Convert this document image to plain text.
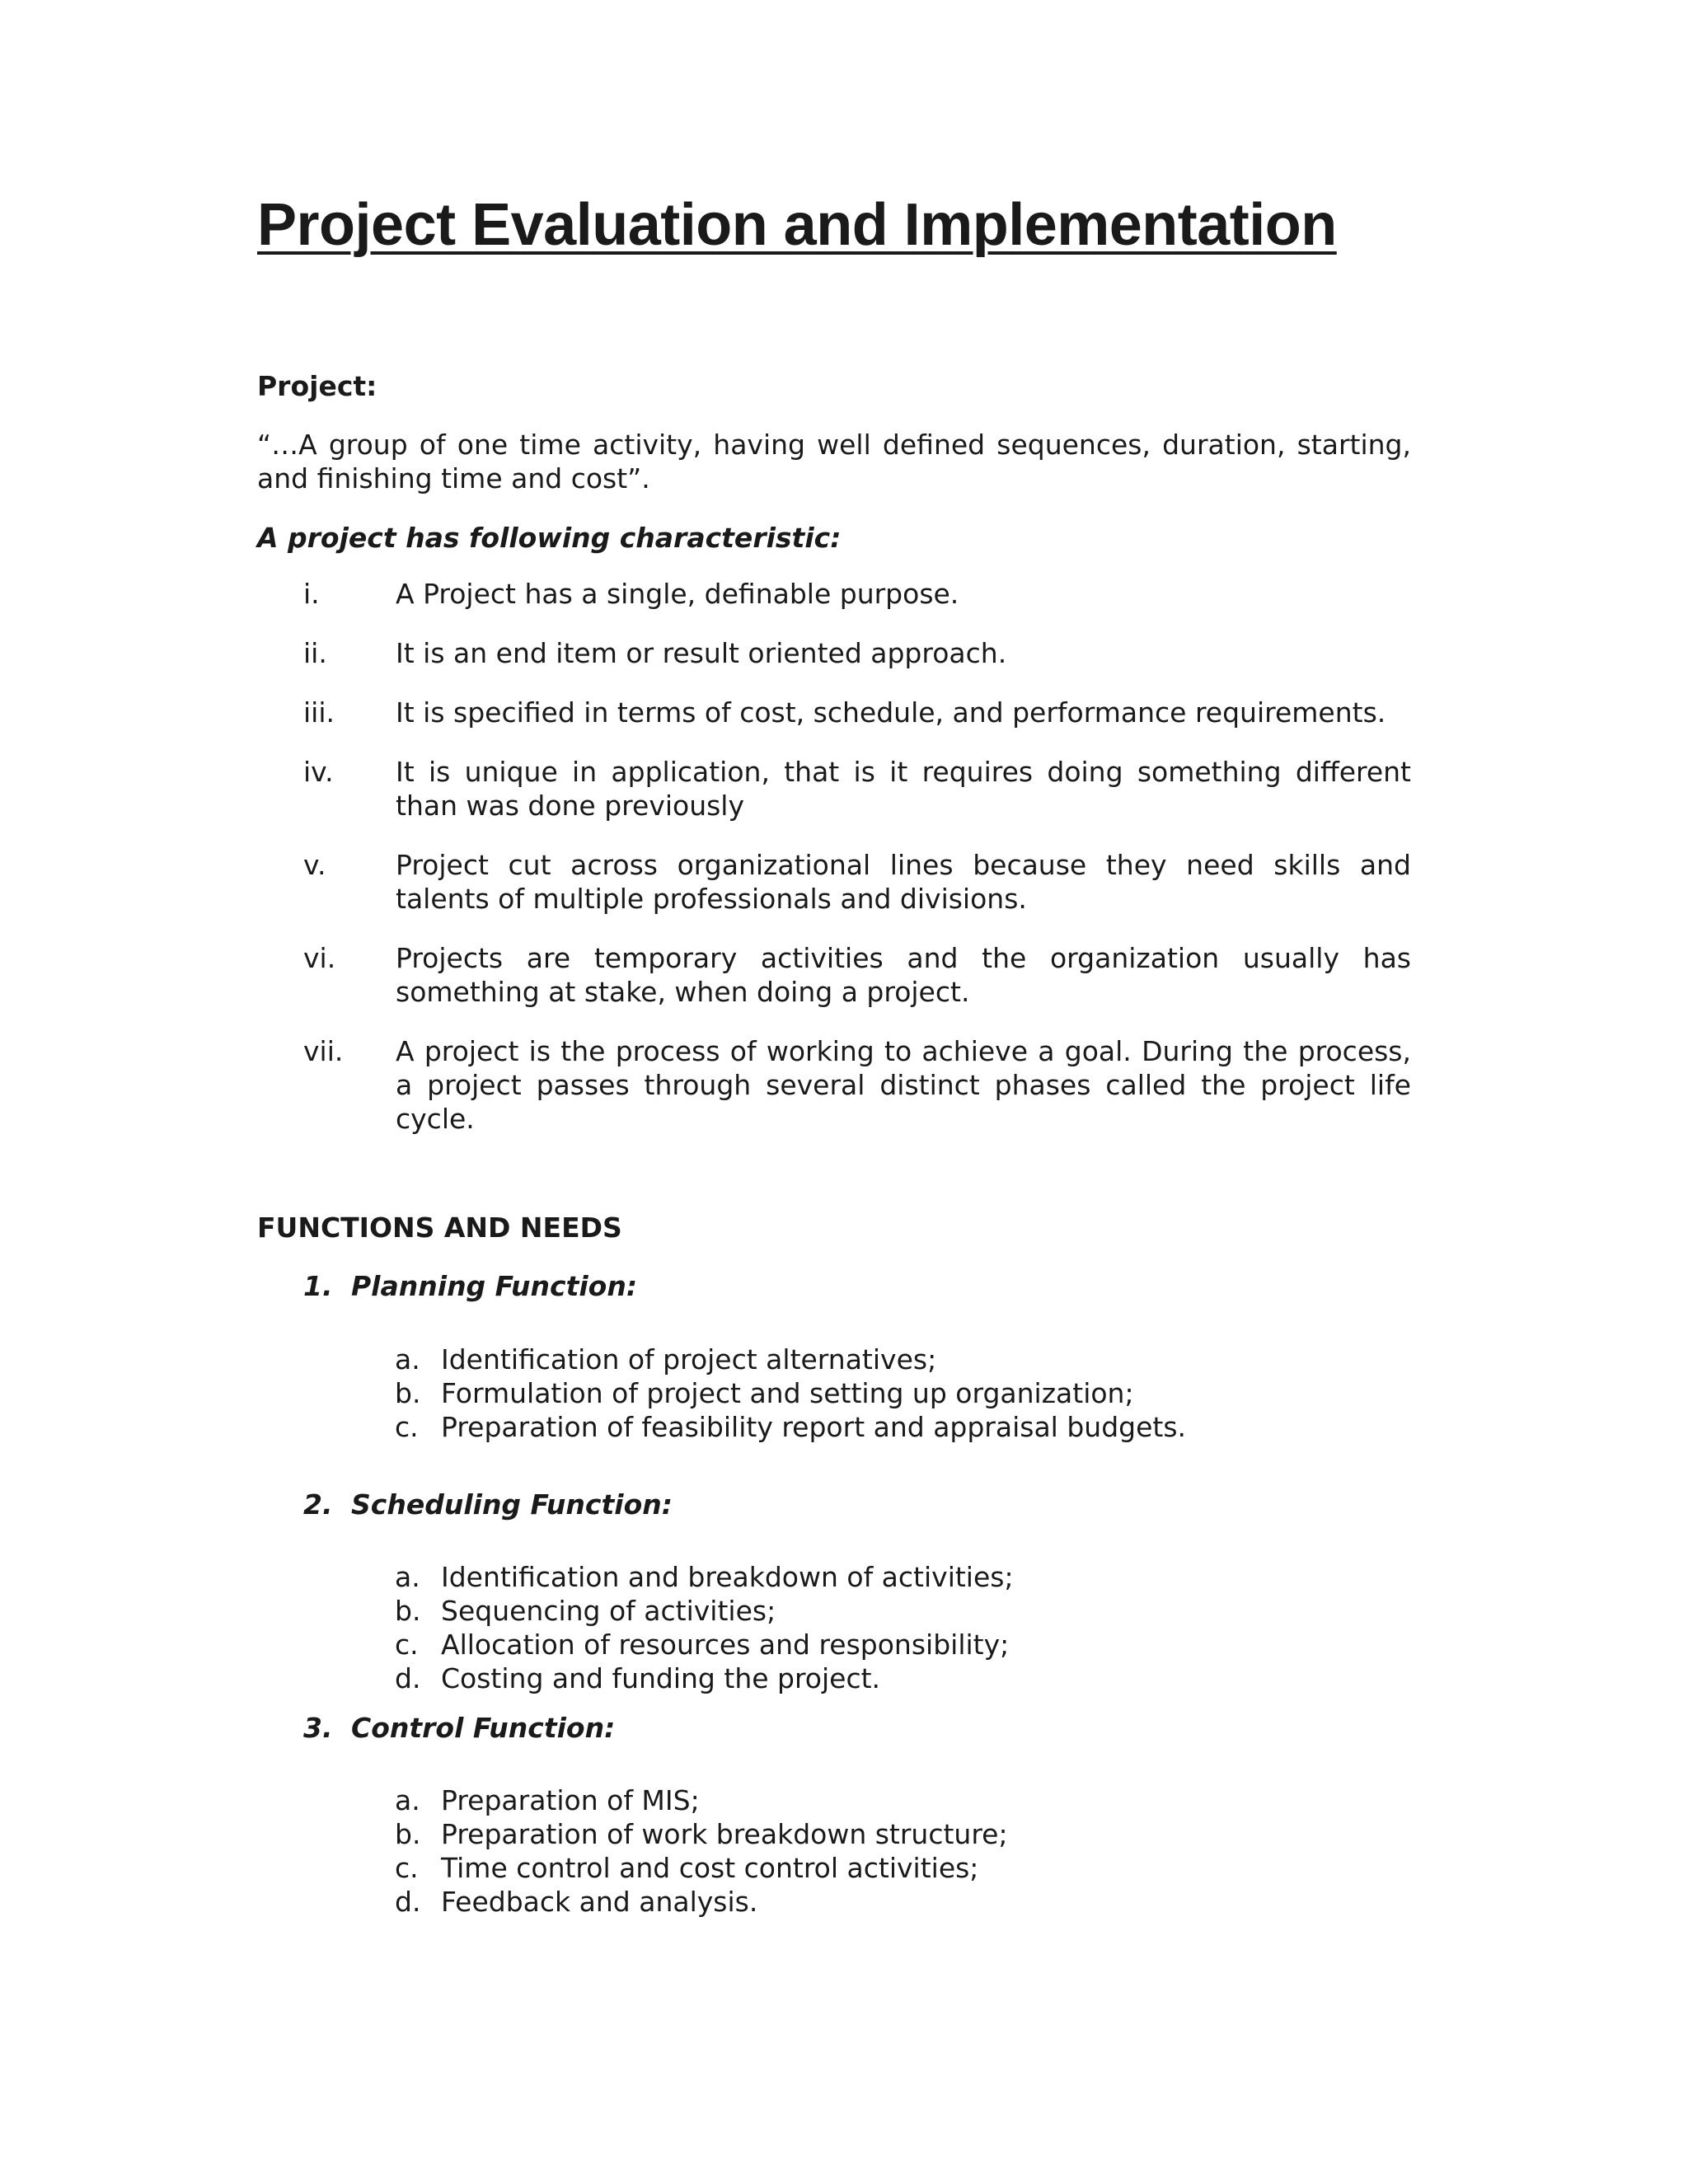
Project Evaluation and Implementation

Project:

“…A group of one time activity, having well defined sequences, duration, starting,

and finishing time and cost”.

A project has following characteristic:

i.	A Project has a single, definable purpose.
ii.	It is an end item or result oriented approach.
iii. It is specified in terms of cost, schedule, and performance requirements.
iv. It is unique in application, that is it requires doing something different than was done previously
v.	Project cut across organizational lines because they need skills and talents of multiple professionals and divisions.
vi. Projects are temporary activities and the organization usually has something at stake, when doing a project.
vii. A project is the process of working to achieve a goal. During the process, a project passes through several distinct phases called the project life cycle.

FUNCTIONS AND NEEDS

1. Planning Function:
a. Identification of project alternatives;
b. Formulation of project and setting up organization;
c. Preparation of feasibility report and appraisal budgets.
2. Scheduling Function:
a. Identification and breakdown of activities;
b. Sequencing of activities;
c. Allocation of resources and responsibility;
d. Costing and funding the project.
3. Control Function:
a. Preparation of MIS;
b. Preparation of work breakdown structure;
c. Time control and cost control activities;
d. Feedback and analysis.
